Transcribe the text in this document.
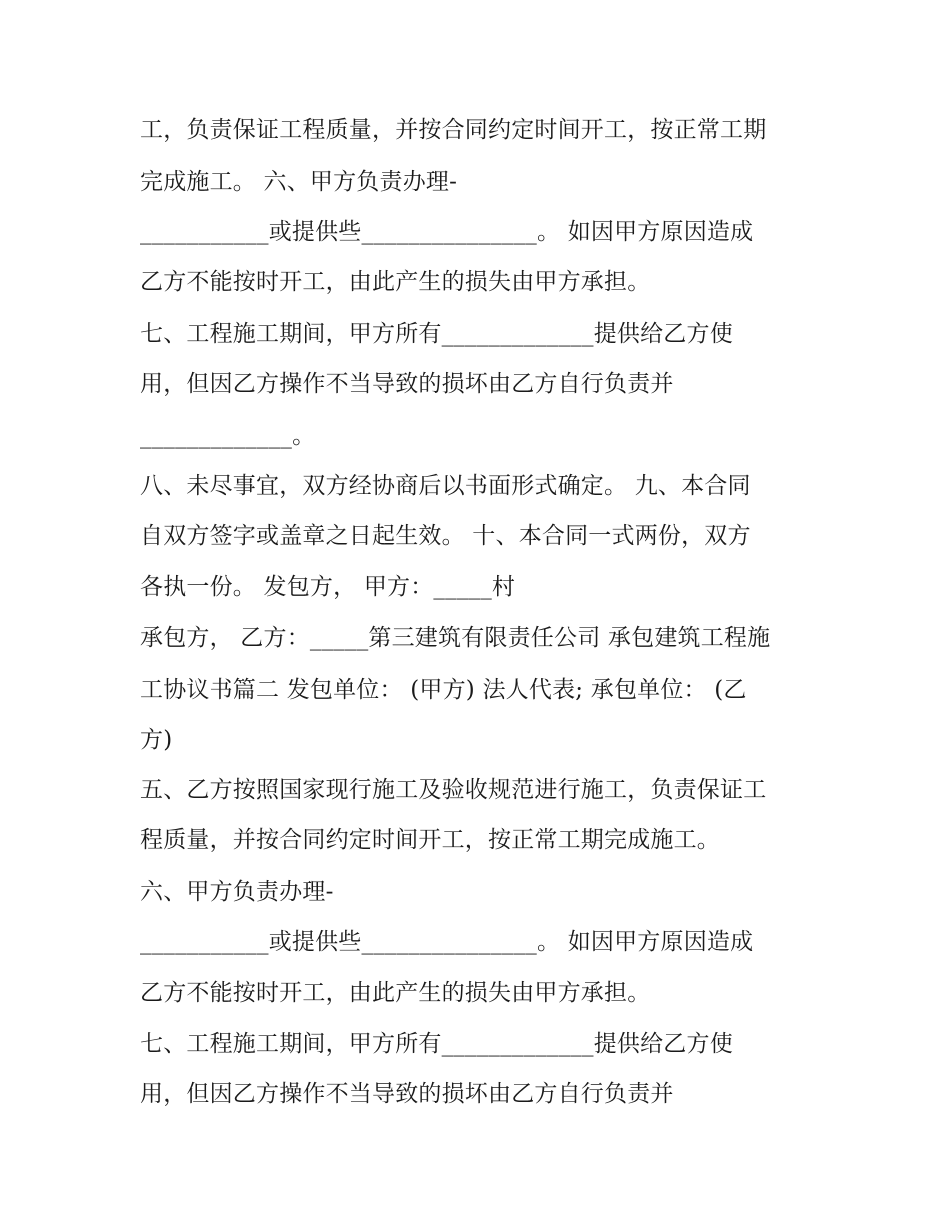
工，负责保证工程质量，并按合同约定时间开工，按正常工期
完成施工。 六、甲方负责办理-
___________或提供些_______________。 如因甲方原因造成
乙方不能按时开工，由此产生的损失由甲方承担。
七、工程施工期间，甲方所有_____________提供给乙方使
用，但因乙方操作不当导致的损坏由乙方自行负责并
_____________。
八、未尽事宜，双方经协商后以书面形式确定。 九、本合同
自双方签字或盖章之日起生效。 十、本合同一式两份，双方
各执一份。 发包方， 甲方：_____村
承包方， 乙方：_____第三建筑有限责任公司 承包建筑工程施
工协议书篇二 发包单位： (甲方) 法人代表; 承包单位： (乙
方)
五、乙方按照国家现行施工及验收规范进行施工，负责保证工
程质量，并按合同约定时间开工，按正常工期完成施工。
六、甲方负责办理-
___________或提供些_______________。 如因甲方原因造成
乙方不能按时开工，由此产生的损失由甲方承担。
七、工程施工期间，甲方所有_____________提供给乙方使
用，但因乙方操作不当导致的损坏由乙方自行负责并
